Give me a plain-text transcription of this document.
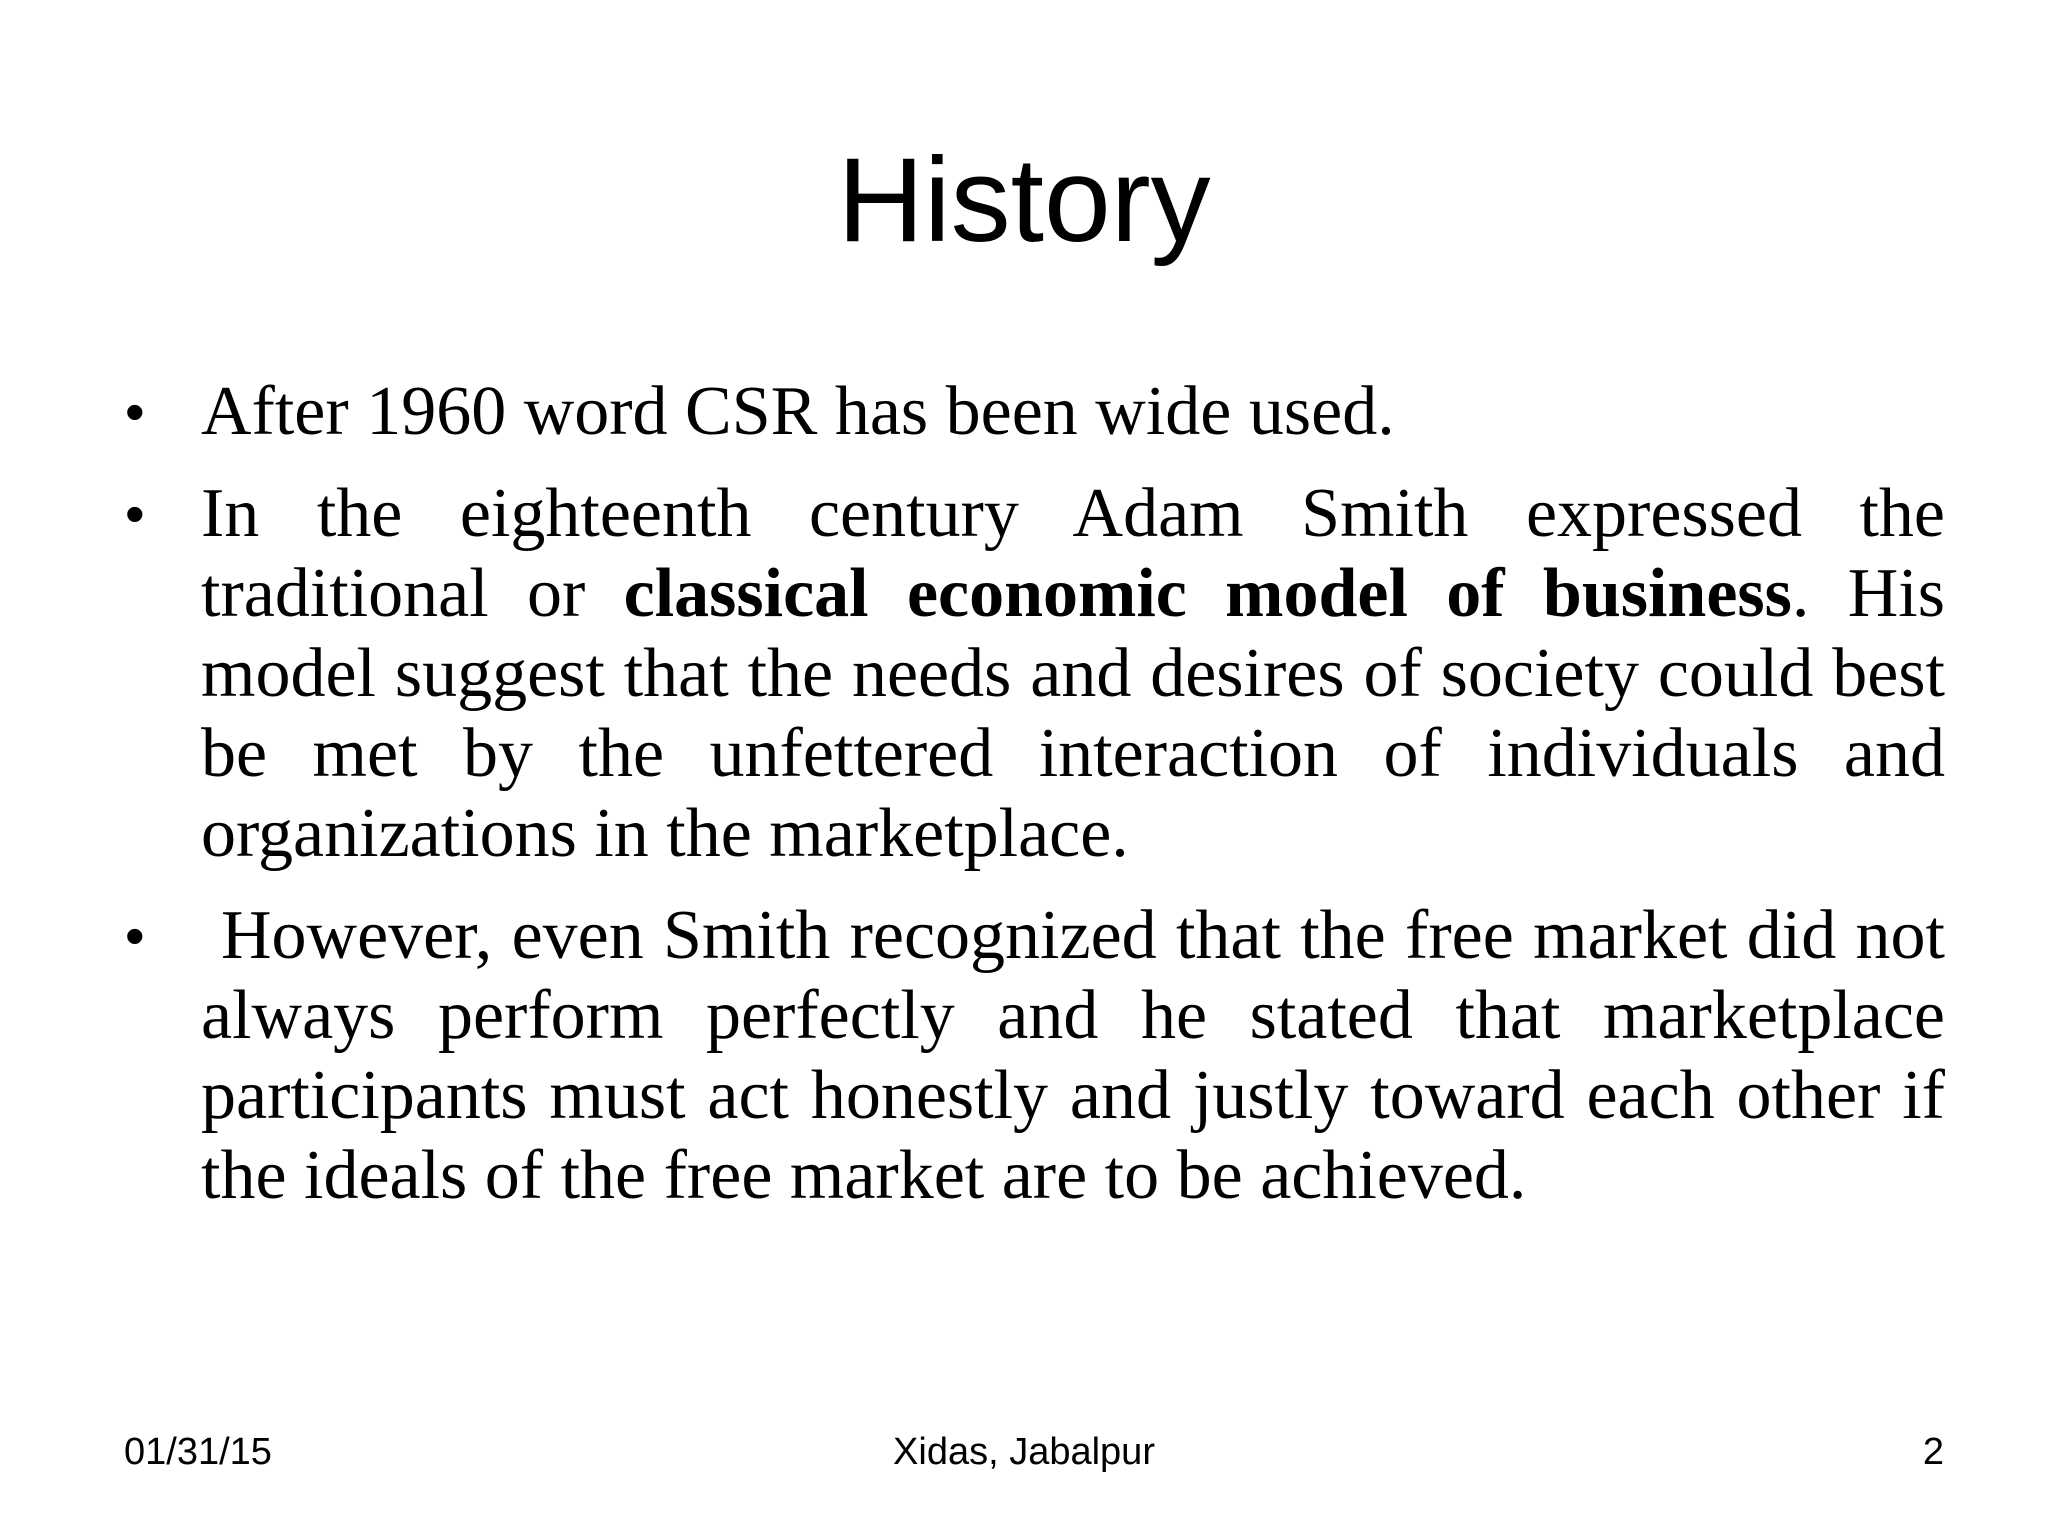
History
• After 1960 word CSR has been wide used.
• In the eighteenth century Adam Smith expressed the traditional or classical economic model of business. His model suggest that the needs and desires of society could best be met by the unfettered interaction of individuals and organizations in the marketplace.
• However, even Smith recognized that the free market did not always perform perfectly and he stated that marketplace participants must act honestly and justly toward each other if the ideals of the free market are to be achieved.
01/31/15	Xidas, Jabalpur	2
